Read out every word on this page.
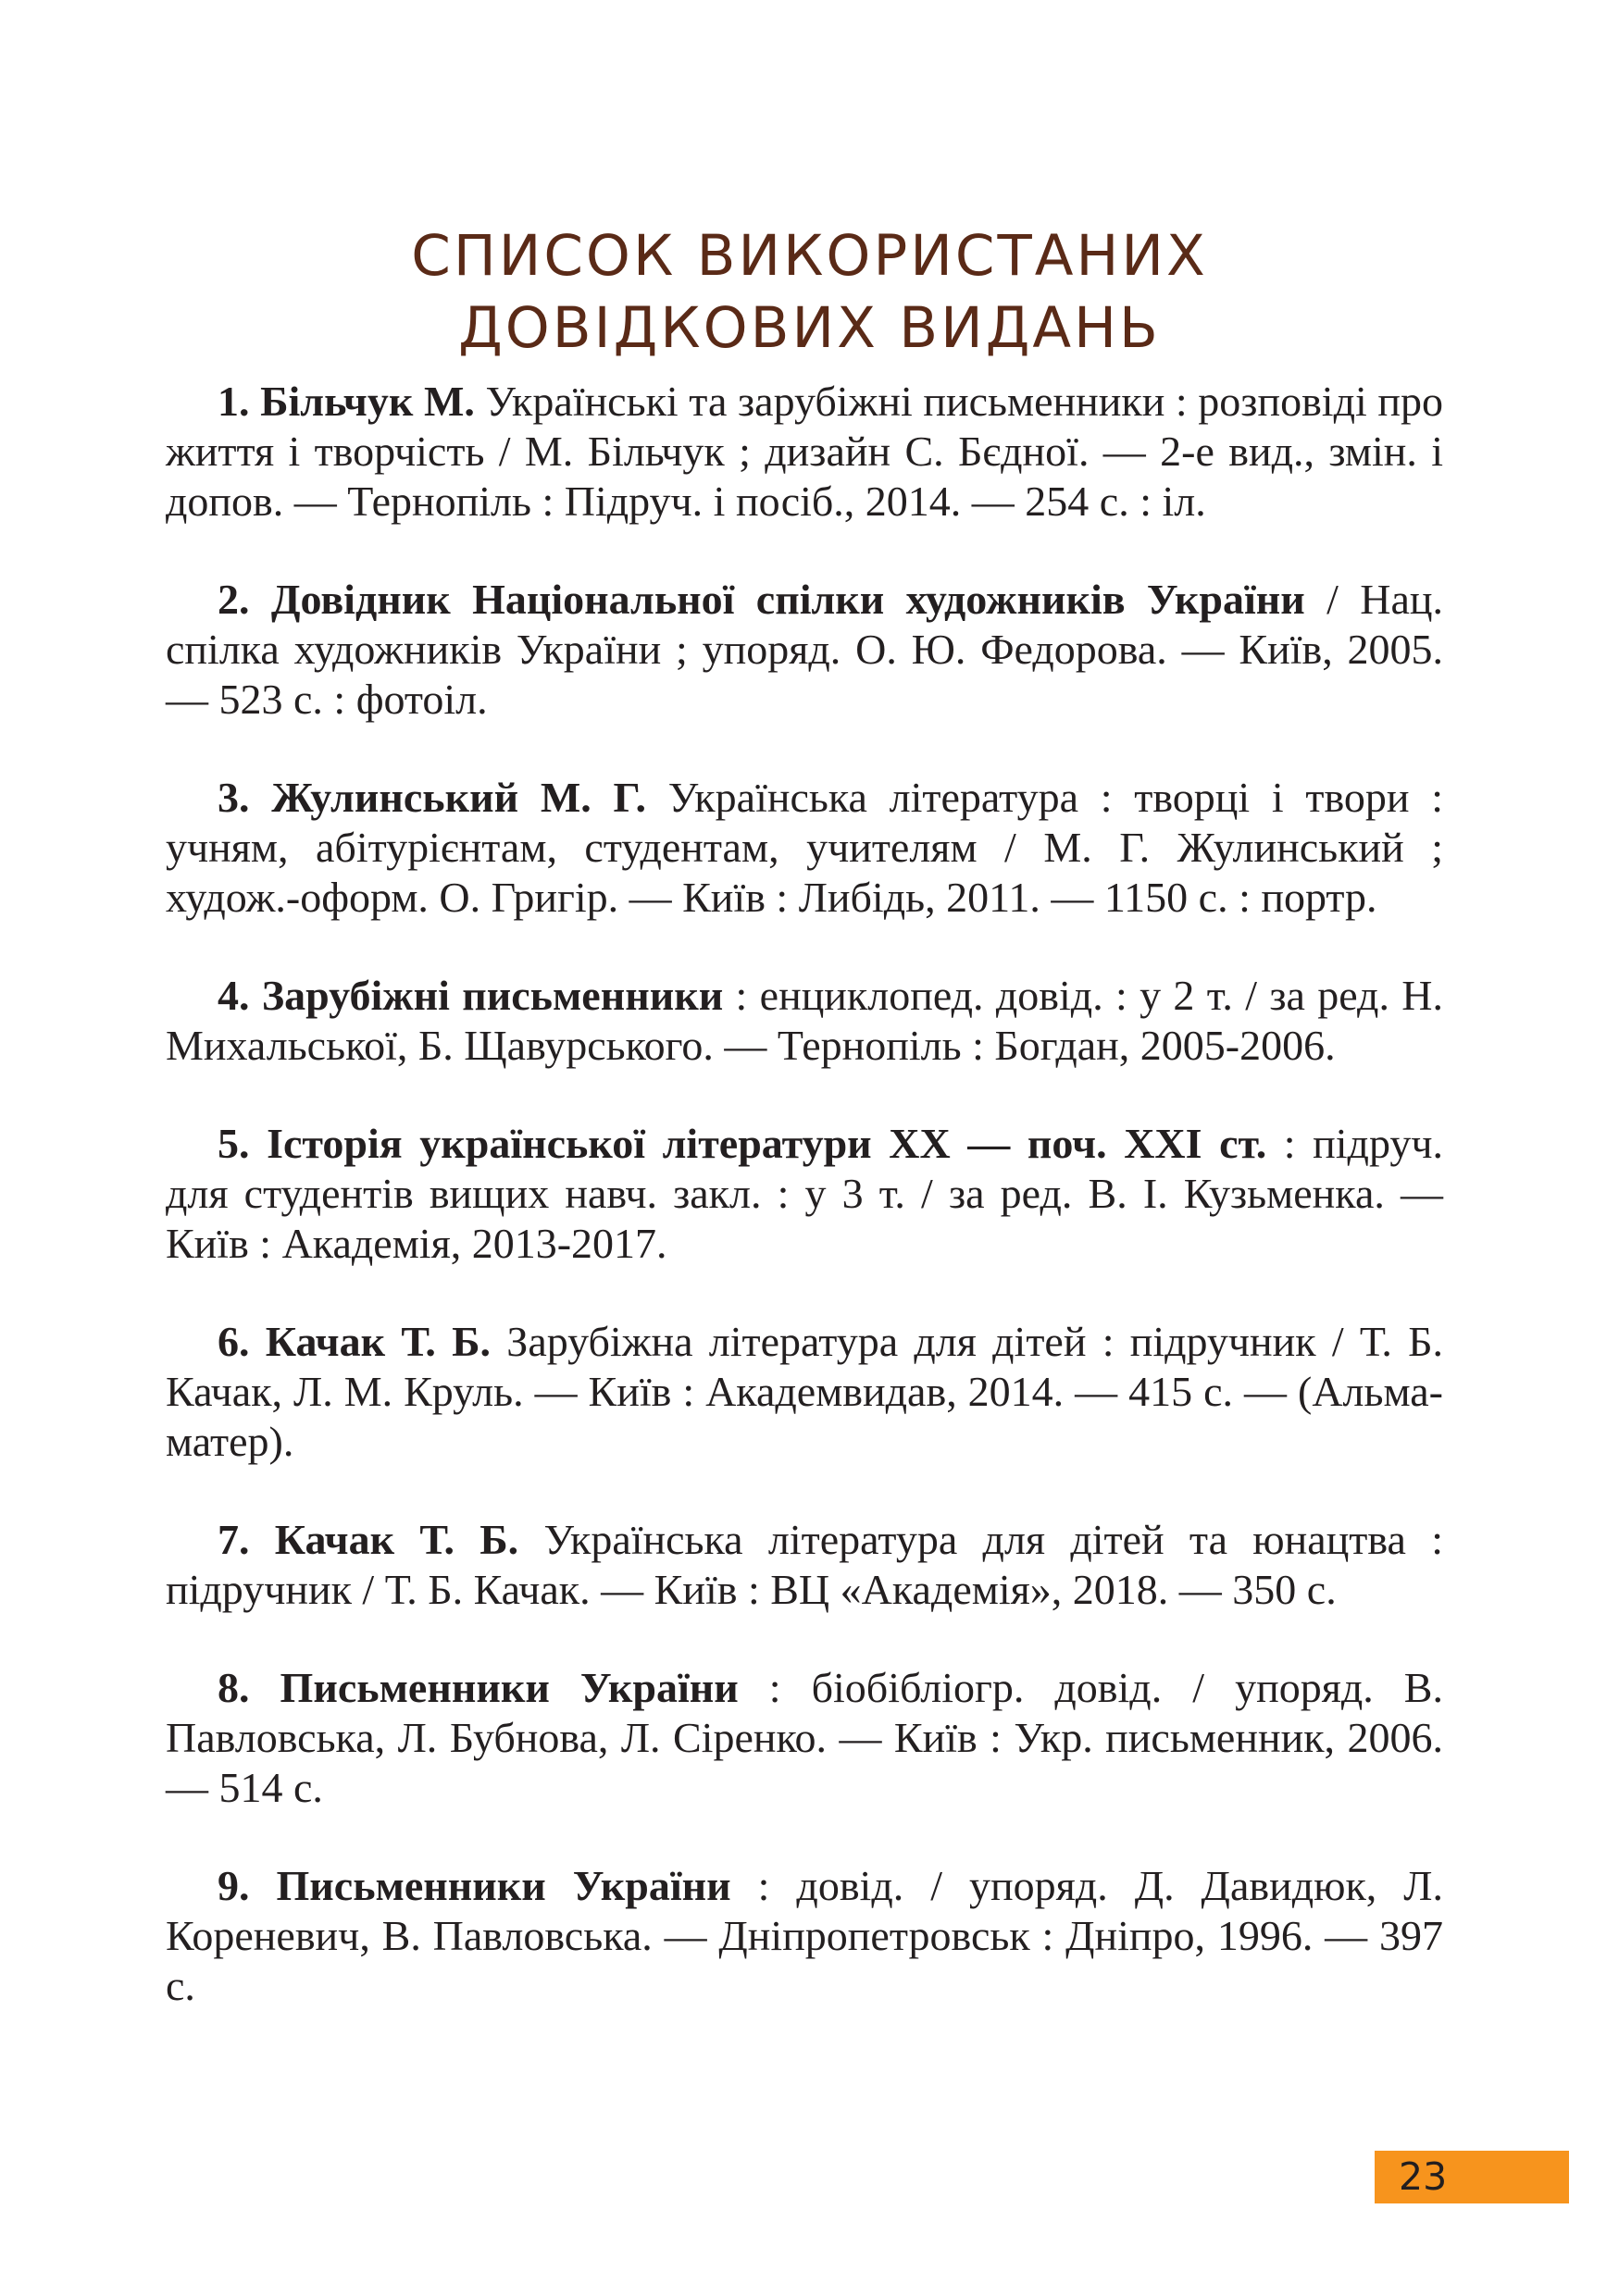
СПИСОК ВИКОРИСТАНИХ
ДОВІДКОВИХ ВИДАНЬ
1. Більчук М. Українські та зарубіжні письменники : розповіді про життя і творчість / М. Більчук ; дизайн С. Бєдної. — 2-е вид., змін. і допов. — Тернопіль : Підруч. і посіб., 2014. — 254 с. : іл.
2. Довідник Національної спілки художників України / Нац. спілка художників України ; упоряд. О. Ю. Федорова. — Київ, 2005. — 523 с. : фотоіл.
3. Жулинський М. Г. Українська література : творці і твори : учням, абітурієнтам, студентам, учителям / М. Г. Жулинський ; худож.-оформ. О. Григір. — Київ : Либідь, 2011. — 1150 с. : портр.
4. Зарубіжні письменники : енциклопед. довід. : у 2 т. / за ред. Н. Михальської, Б. Щавурського. — Тернопіль : Богдан, 2005-2006.
5. Історія української літератури XX — поч. XXI ст. : підруч. для студентів вищих навч. закл. : у 3 т. / за ред. В. І. Кузьменка. — Київ : Академія, 2013-2017.
6. Качак Т. Б. Зарубіжна література для дітей : підручник / Т. Б. Качак, Л. М. Круль. — Київ : Академвидав, 2014. — 415 с. — (Альма-матер).
7. Качак Т. Б. Українська література для дітей та юнацтва : підручник / Т. Б. Качак. — Київ : ВЦ «Академія», 2018. — 350 с.
8. Письменники України : біобібліогр. довід. / упоряд. В. Павловська, Л. Бубнова, Л. Сіренко. — Київ : Укр. письменник, 2006. — 514 с.
9. Письменники України : довід. / упоряд. Д. Давидюк, Л. Кореневич, В. Павловська. — Дніпропетровськ : Дніпро, 1996. — 397 с.
23
